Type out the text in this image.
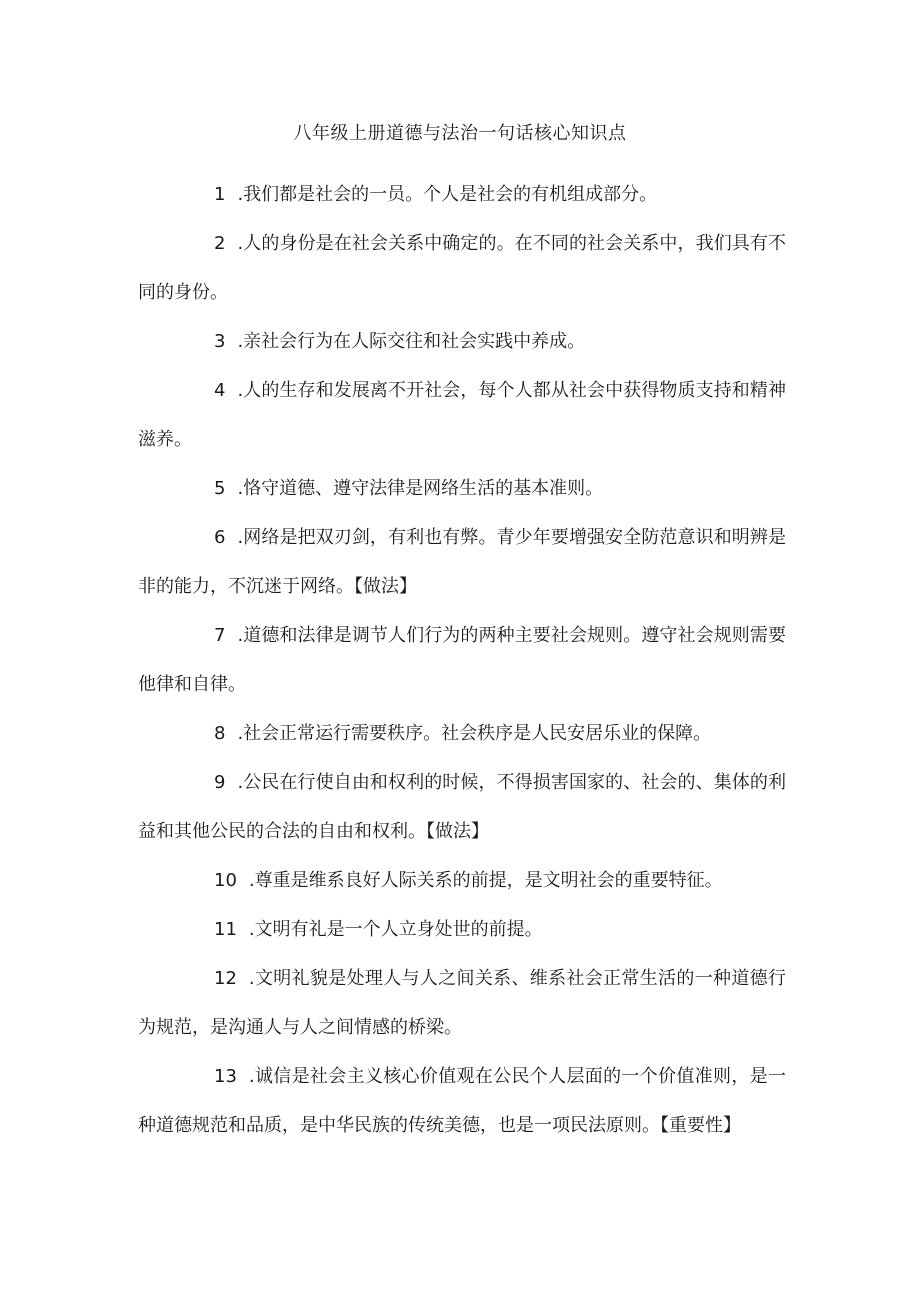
八年级上册道德与法治一句话核心知识点

1 .我们都是社会的一员。个人是社会的有机组成部分。

2 .人的身份是在社会关系中确定的。在不同的社会关系中，我们具有不同的身份。

3 .亲社会行为在人际交往和社会实践中养成。

4 .人的生存和发展离不开社会，每个人都从社会中获得物质支持和精神滋养。

5 .恪守道德、遵守法律是网络生活的基本准则。

6 .网络是把双刃剑，有利也有弊。青少年要增强安全防范意识和明辨是非的能力，不沉迷于网络。【做法】

7 .道德和法律是调节人们行为的两种主要社会规则。遵守社会规则需要他律和自律。

8 .社会正常运行需要秩序。社会秩序是人民安居乐业的保障。

9 .公民在行使自由和权利的时候，不得损害国家的、社会的、集体的利益和其他公民的合法的自由和权利。【做法】

10 .尊重是维系良好人际关系的前提，是文明社会的重要特征。

11 .文明有礼是一个人立身处世的前提。

12 .文明礼貌是处理人与人之间关系、维系社会正常生活的一种道德行为规范，是沟通人与人之间情感的桥梁。

13 .诚信是社会主义核心价值观在公民个人层面的一个价值准则，是一种道德规范和品质，是中华民族的传统美德，也是一项民法原则。【重要性】
